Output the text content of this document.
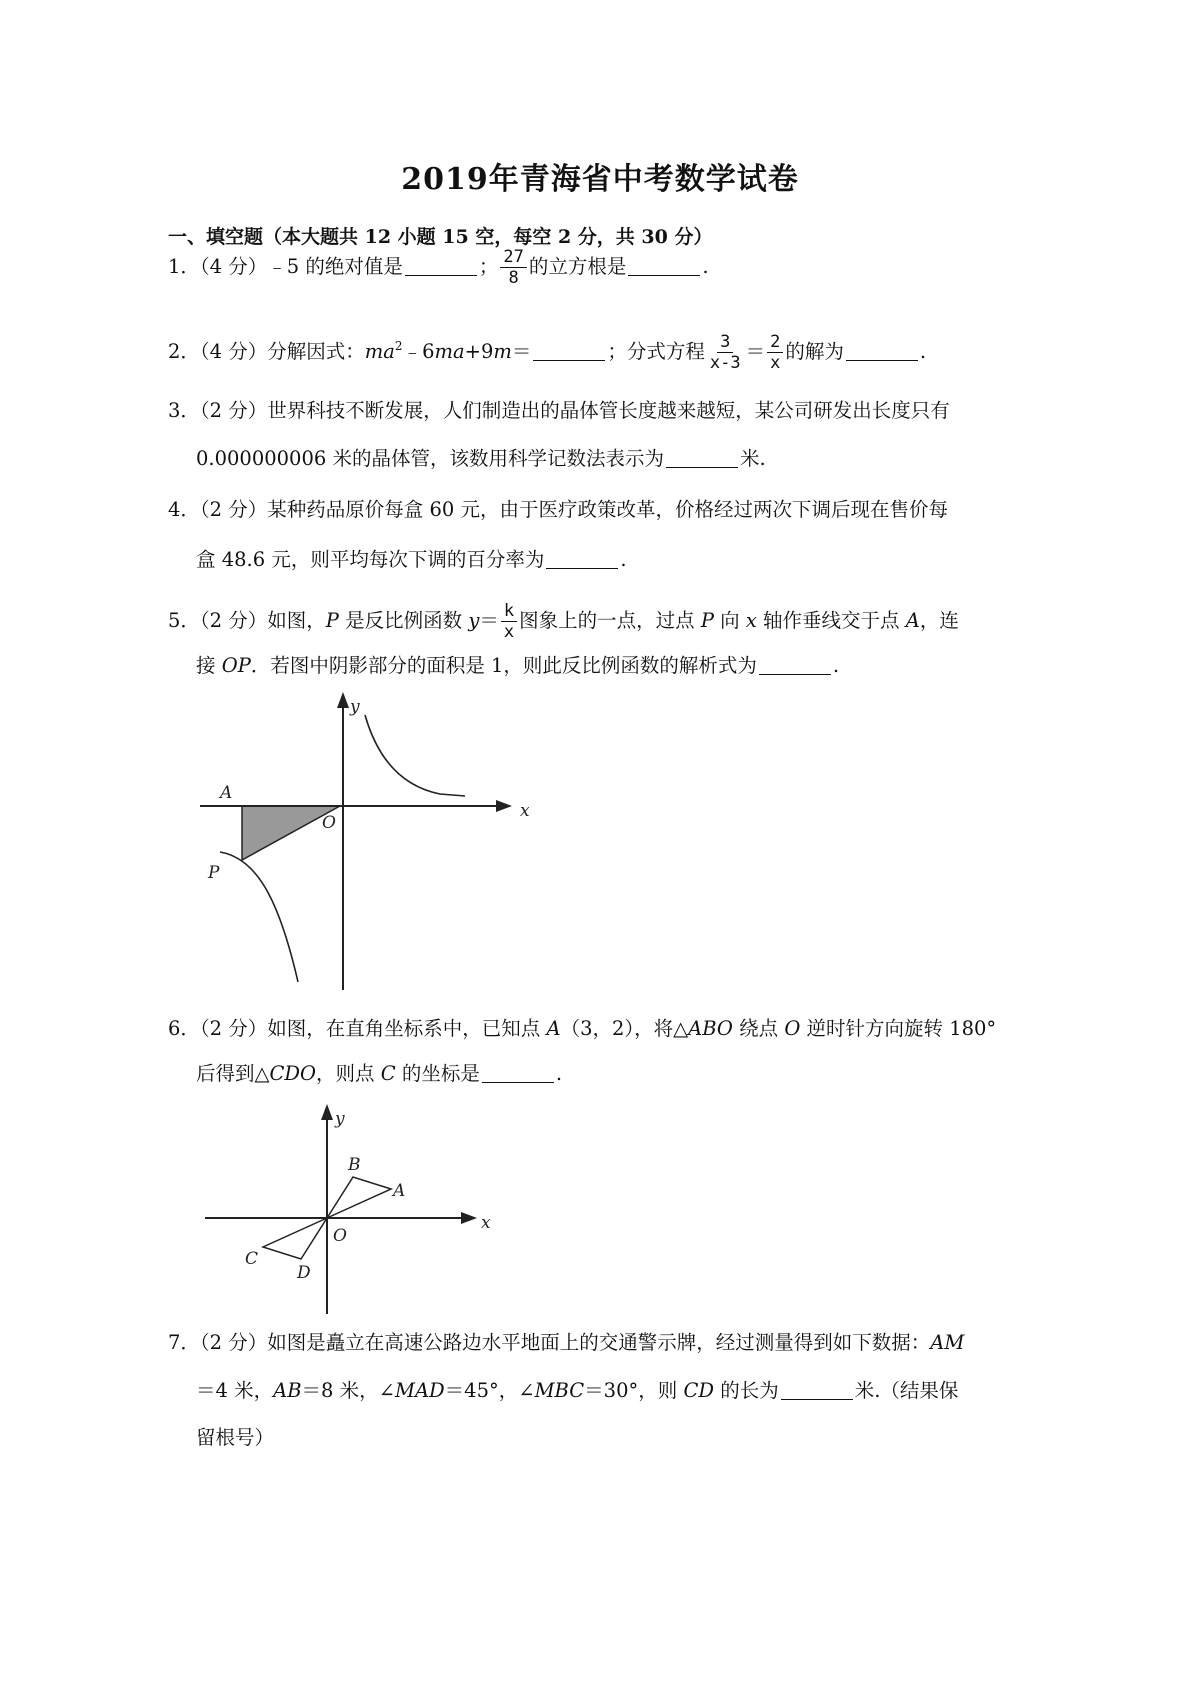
2019年青海省中考数学试卷
一、填空题（本大题共 12 小题 15 空，每空 2 分，共 30 分）
1．（4 分）﹣5 的绝对值是	； $\frac{27}{8}$ 的立方根是	.
2．（4 分）分解因式：$ma^2﹣6ma+9m=$	；分式方程 $\frac{3}{x-3} = \frac{2}{x}$ 的解为	.
3．（2 分）世界科技不断发展，人们制造出的晶体管长度越来越短，某公司研发出长度只有
0.000000006 米的晶体管，该数用科学记数法表示为	米.
4．（2 分）某种药品原价每盒 60 元，由于医疗政策改革，价格经过两次下调后现在售价每
盒 48.6 元，则平均每次下调的百分率为	.
5．（2 分）如图，P 是反比例函数 $y= \frac{k}{x}$ 图象上的一点，过点 P 向 x 轴作垂线交于点 A，连
接 OP．若图中阴影部分的面积是 1，则此反比例函数的解析式为	.
y
x
A
O
P
6．（2 分）如图，在直角坐标系中，已知点 A（3，2），将△ABO 绕点 O 逆时针方向旋转 180°
后得到△CDO，则点 C 的坐标是	.
y
x
O
A
B
C
D
7．（2 分）如图是矗立在高速公路边水平地面上的交通警示牌，经过测量得到如下数据：AM
＝4 米，AB＝8 米，∠MAD＝45°，∠MBC＝30°，则 CD 的长为	米.（结果保
留根号）
